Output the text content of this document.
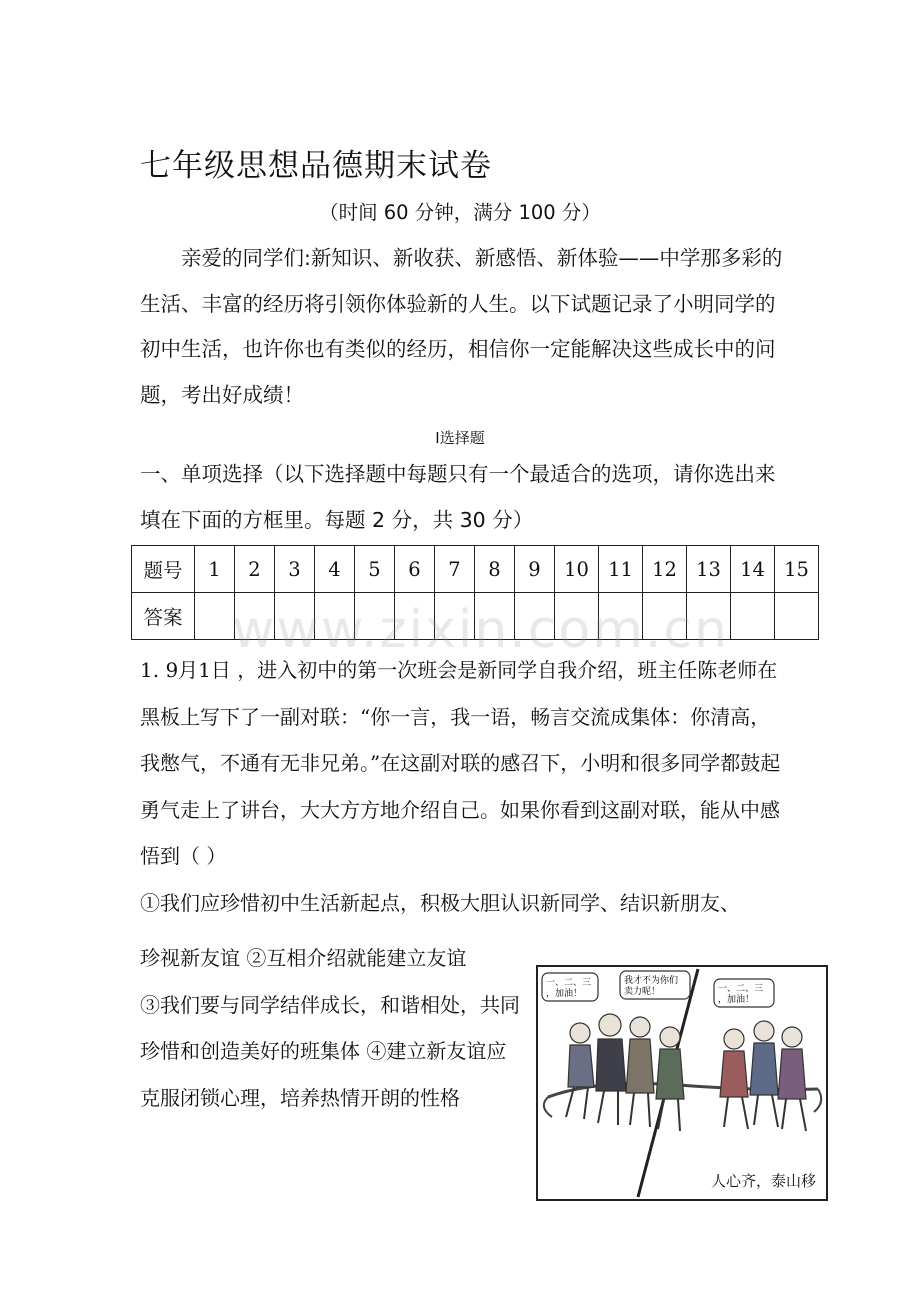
七年级思想品德期末试卷
（时间 60 分钟，满分 100 分）

亲爱的同学们:新知识、新收获、新感悟、新体验——中学那多彩的生活、丰富的经历将引领你体验新的人生。以下试题记录了小明同学的初中生活，也许你也有类似的经历，相信你一定能解决这些成长中的问题，考出好成绩！

Ⅰ选择题
一、单项选择（以下选择题中每题只有一个最适合的选项，请你选出来填在下面的方框里。每题 2 分，共 30 分）
题号	1	2	3	4	5	6	7	8	9	10	11	12	13	14	15
答案															www.zixin.com.cn

1. 9月1日 ，进入初中的第一次班会是新同学自我介绍，班主任陈老师在黑板上写下了一副对联：“你一言，我一语，畅言交流成集体：你清高，我憋气，不通有无非兄弟。”在这副对联的感召下，小明和很多同学都鼓起勇气走上了讲台，大大方方地介绍自己。如果你看到这副对联，能从中感悟到（ ）

①我们应珍惜初中生活新起点，积极大胆认识新同学、结识新朋友、

珍视新友谊 ②互相介绍就能建立友谊

③我们要与同学结伴成长，和谐相处，共同珍惜和创造美好的班集体 ④建立新友谊应克服闭锁心理，培养热情开朗的性格

一、二、三 ，加油！
我才不为你们 卖力呢！	一、二、三 ，加油！
人心齐，泰山移
